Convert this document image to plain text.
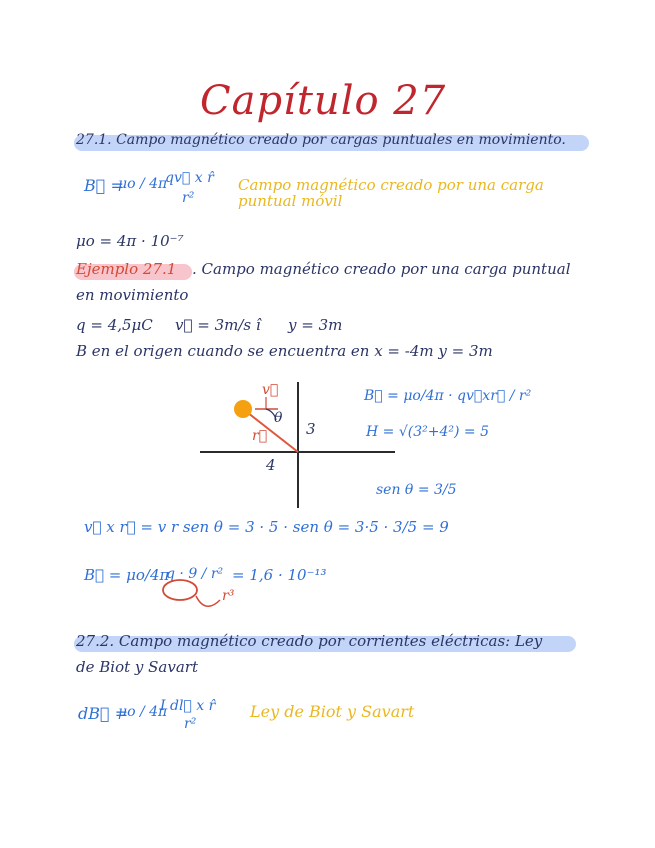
Capítulo 27
27.1. Campo magnético creado por cargas puntuales en movimiento.
B⃗ =
μo / 4π
qv⃗ x r̂
r²
Campo magnético creado por una carga
puntual móvil
μo = 4π · 10⁻⁷
Ejemplo 27.1 . Campo magnético creado por una carga puntual
en movimiento
q = 4,5μC v⃗ = 3m/s î y = 3m
B en el origen cuando se encuentra en x = -4m y = 3m
v⃗
θ
r⃗	3
4
B⃗ = μo/4π · qv⃗xr⃗ / r²
H = √(3²+4²) = 5
sen θ = 3/5
v⃗ x r⃗ = v r sen θ = 3 · 5 · sen θ = 3·5 · 3/5 = 9
B⃗ = μo/4π
q · 9 / r² = 1,6 · 10⁻¹³
r³
27.2. Campo magnético creado por corrientes eléctricas: Ley
de Biot y Savart
dB⃗ =
μo / 4π
I dl⃗ x r̂
r²
Ley de Biot y Savart
